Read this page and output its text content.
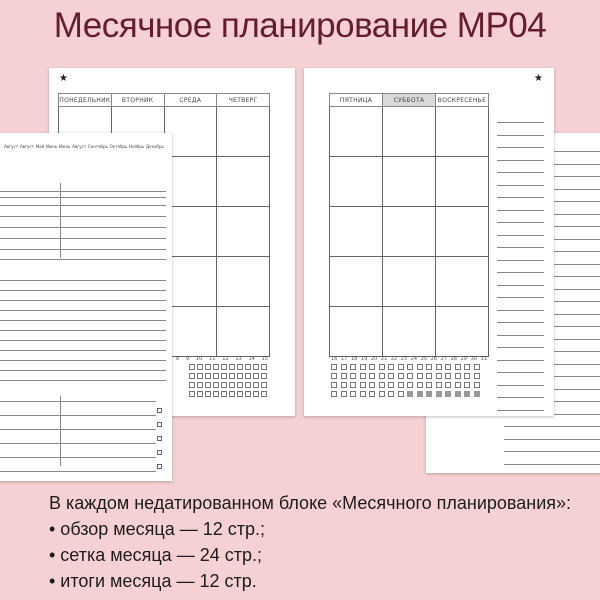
Месячное планирование MP04
★
ПОНЕДЕЛЬНИК	ВТОРНИК	СРЕДА	ЧЕТВЕРГ

8 9 10 11 12 13 14 15
★
ПЯТНИЦА	СУББОТА	ВОСКРЕСЕНЬЕ

16 17 18 19 20 21 22 23 24 25 26 27 28 29 30 31
Август Август Май Июнь Июль Август Сентябрь Октябрь Ноябрь Декабрь
В каждом недатированном блоке «Месячного планирования»:
• обзор месяца — 12 стр.;
• сетка месяца — 24 стр.;
• итоги месяца — 12 стр.
